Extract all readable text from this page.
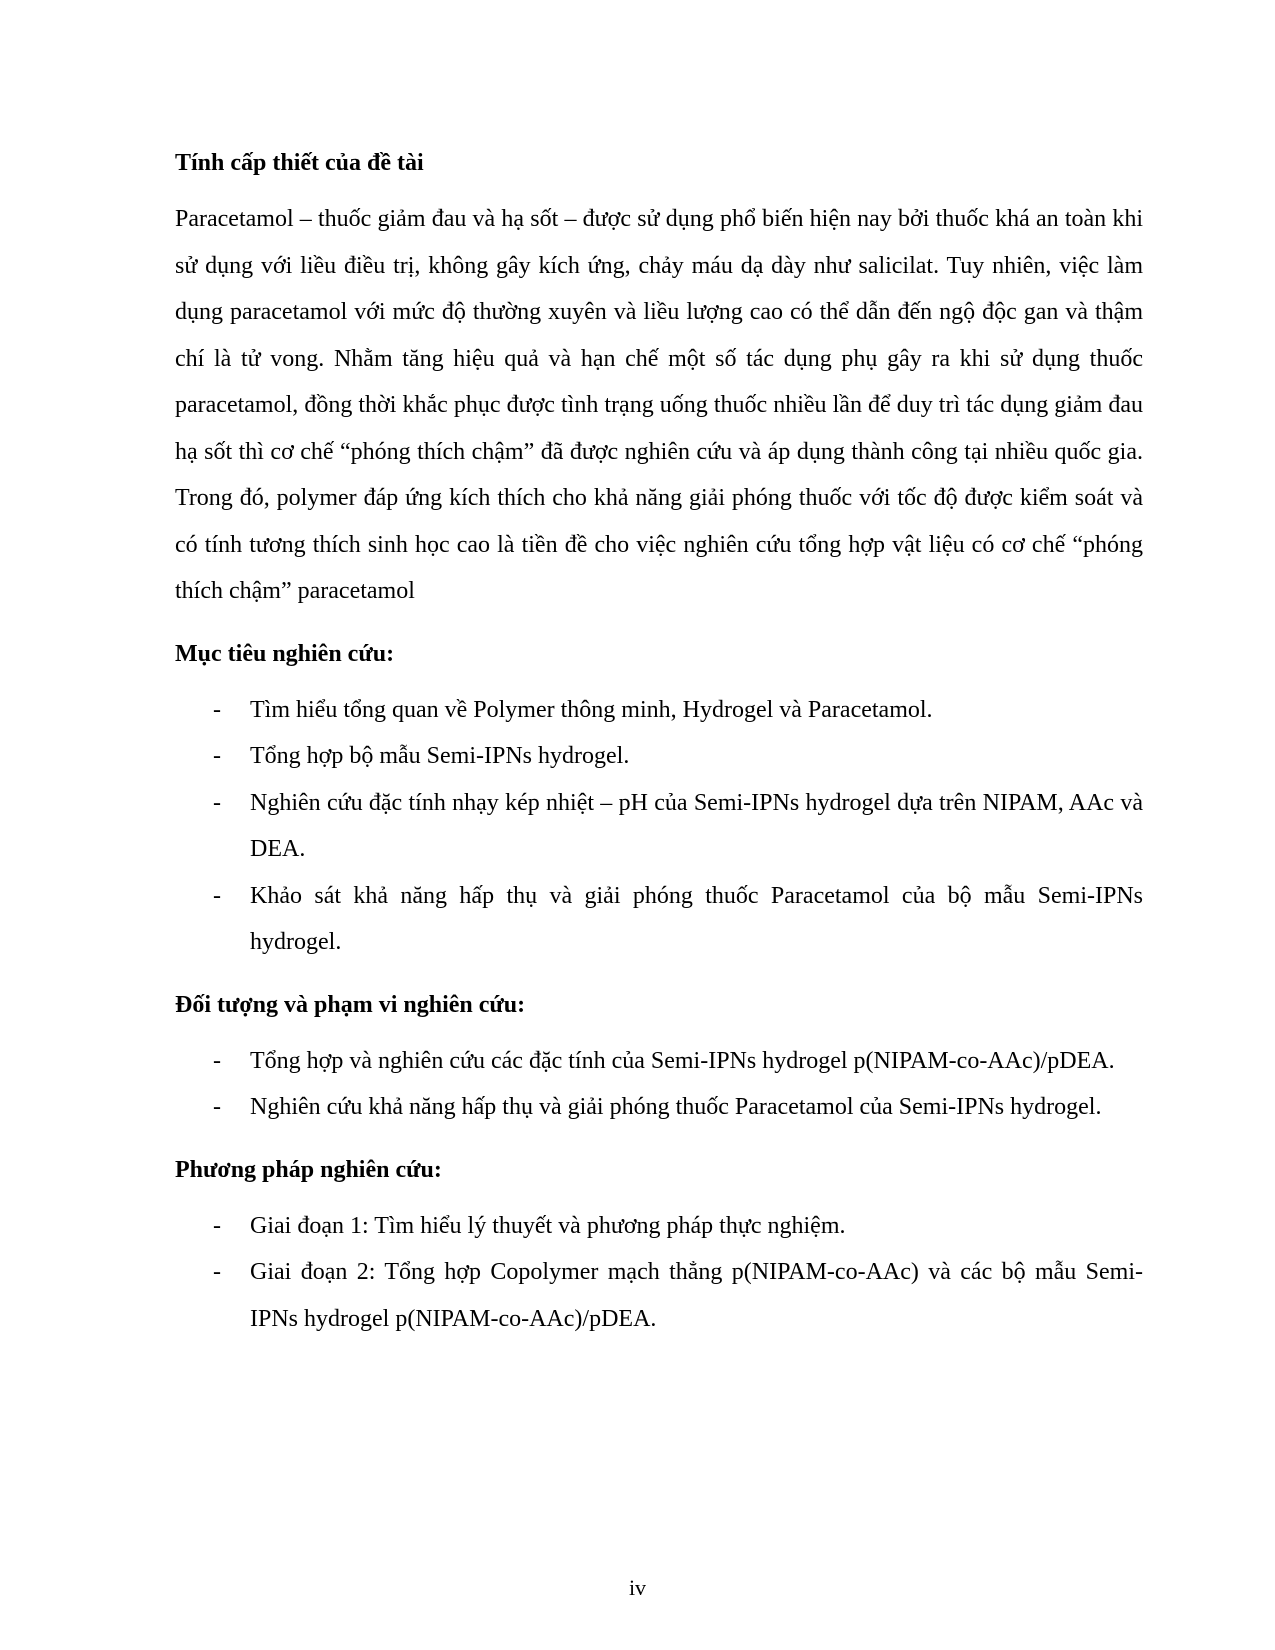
Tính cấp thiết của đề tài

Paracetamol – thuốc giảm đau và hạ sốt – được sử dụng phổ biến hiện nay bởi thuốc khá an toàn khi sử dụng với liều điều trị, không gây kích ứng, chảy máu dạ dày như salicilat. Tuy nhiên, việc làm dụng paracetamol với mức độ thường xuyên và liều lượng cao có thể dẫn đến ngộ độc gan và thậm chí là tử vong. Nhằm tăng hiệu quả và hạn chế một số tác dụng phụ gây ra khi sử dụng thuốc paracetamol, đồng thời khắc phục được tình trạng uống thuốc nhiều lần để duy trì tác dụng giảm đau hạ sốt thì cơ chế “phóng thích chậm” đã được nghiên cứu và áp dụng thành công tại nhiều quốc gia. Trong đó, polymer đáp ứng kích thích cho khả năng giải phóng thuốc với tốc độ được kiểm soát và có tính tương thích sinh học cao là tiền đề cho việc nghiên cứu tổng hợp vật liệu có cơ chế “phóng thích chậm” paracetamol

Mục tiêu nghiên cứu:
- Tìm hiểu tổng quan về Polymer thông minh, Hydrogel và Paracetamol.
- Tổng hợp bộ mẫu Semi-IPNs hydrogel.
- Nghiên cứu đặc tính nhạy kép nhiệt – pH của Semi-IPNs hydrogel dựa trên NIPAM, AAc và DEA.
- Khảo sát khả năng hấp thụ và giải phóng thuốc Paracetamol của bộ mẫu Semi-IPNs hydrogel.
Đối tượng và phạm vi nghiên cứu:
- Tổng hợp và nghiên cứu các đặc tính của Semi-IPNs hydrogel p(NIPAM-co-AAc)/pDEA.
- Nghiên cứu khả năng hấp thụ và giải phóng thuốc Paracetamol của Semi-IPNs hydrogel.
Phương pháp nghiên cứu:
- Giai đoạn 1: Tìm hiểu lý thuyết và phương pháp thực nghiệm.
- Giai đoạn 2: Tổng hợp Copolymer mạch thẳng p(NIPAM-co-AAc) và các bộ mẫu Semi-IPNs hydrogel p(NIPAM-co-AAc)/pDEA.
iv
